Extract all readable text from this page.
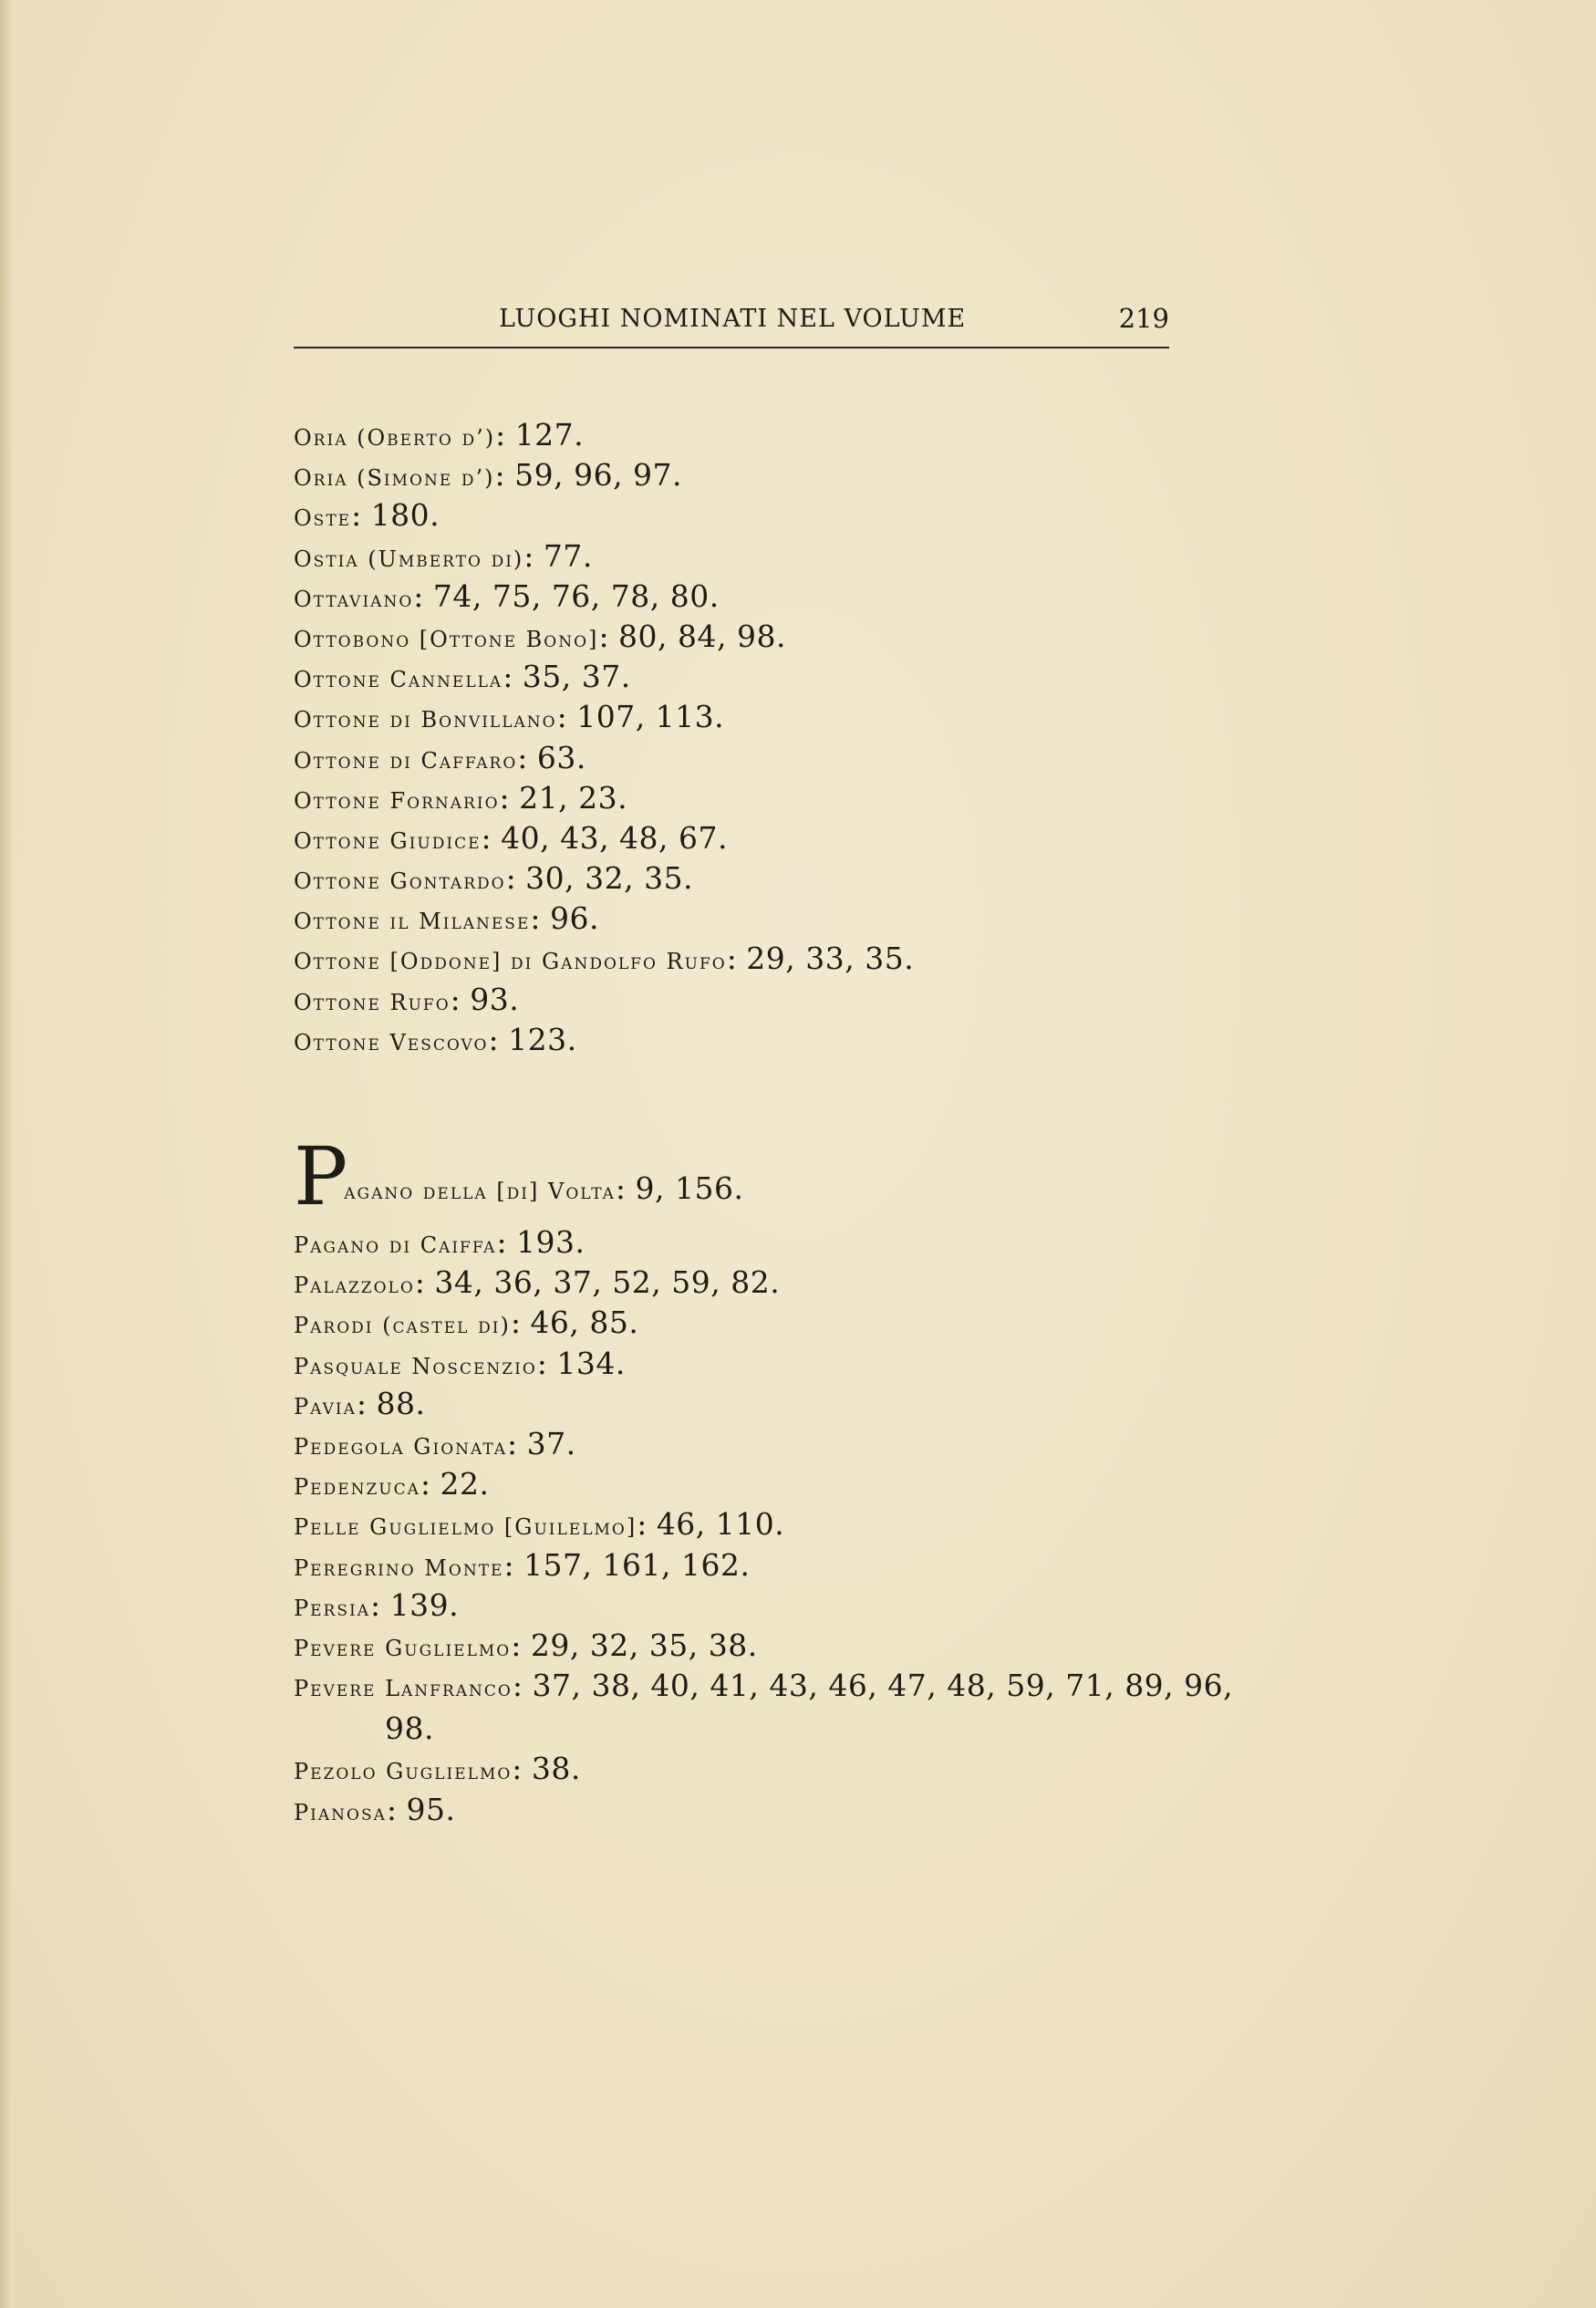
LUOGHI NOMINATI NEL VOLUME	219
Oria (Oberto d’): 127.
Oria (Simone d’): 59, 96, 97.
Oste: 180.
Ostia (Umberto di): 77.
Ottaviano: 74, 75, 76, 78, 80.
Ottobono [Ottone Bono]: 80, 84, 98.
Ottone Cannella: 35, 37.
Ottone di Bonvillano: 107, 113.
Ottone di Caffaro: 63.
Ottone Fornario: 21, 23.
Ottone Giudice: 40, 43, 48, 67.
Ottone Gontardo: 30, 32, 35.
Ottone il Milanese: 96.
Ottone [Oddone] di Gandolfo Rufo: 29, 33, 35.
Ottone Rufo: 93.
Ottone Vescovo: 123.
Pagano della [di] Volta: 9, 156.
Pagano di Caiffa: 193.
Palazzolo: 34, 36, 37, 52, 59, 82.
Parodi (castel di): 46, 85.
Pasquale Noscenzio: 134.
Pavia: 88.
Pedegola Gionata: 37.
Pedenzuca: 22.
Pelle Guglielmo [Guilelmo]: 46, 110.
Peregrino Monte: 157, 161, 162.
Persia: 139.
Pevere Guglielmo: 29, 32, 35, 38.
Pevere Lanfranco: 37, 38, 40, 41, 43, 46, 47, 48, 59, 71, 89, 96, 98.
Pezolo Guglielmo: 38.
Pianosa: 95.
